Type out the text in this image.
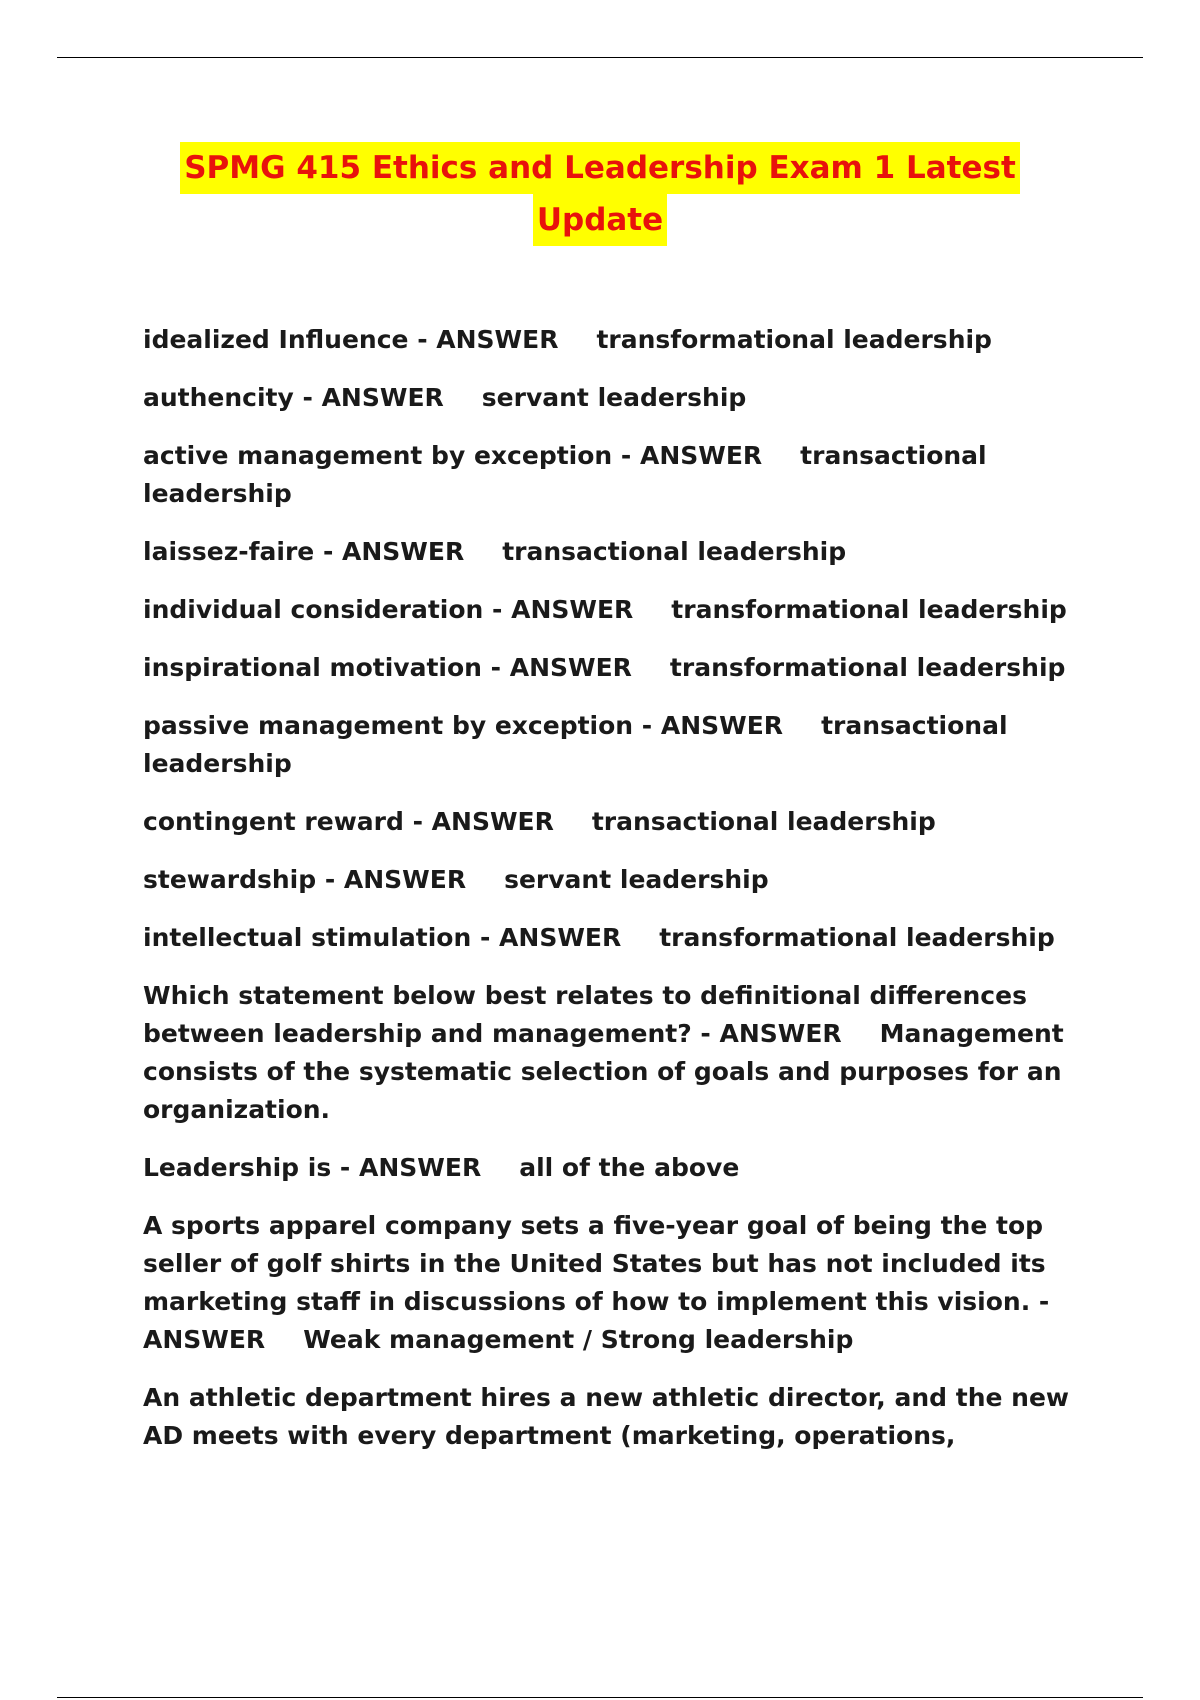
SPMG 415 Ethics and Leadership Exam 1 Latest
Update

idealized Influence - ANSWER transformational leadership

authencity - ANSWER servant leadership

active management by exception - ANSWER transactional leadership

laissez-faire - ANSWER transactional leadership

individual consideration - ANSWER transformational leadership

inspirational motivation - ANSWER transformational leadership

passive management by exception - ANSWER transactional leadership

contingent reward - ANSWER transactional leadership

stewardship - ANSWER servant leadership

intellectual stimulation - ANSWER transformational leadership

Which statement below best relates to definitional differences between leadership and management? - ANSWER Management consists of the systematic selection of goals and purposes for an organization.

Leadership is - ANSWER all of the above

A sports apparel company sets a five-year goal of being the top seller of golf shirts in the United States but has not included its marketing staff in discussions of how to implement this vision. - ANSWER Weak management / Strong leadership

An athletic department hires a new athletic director, and the new AD meets with every department (marketing, operations,
